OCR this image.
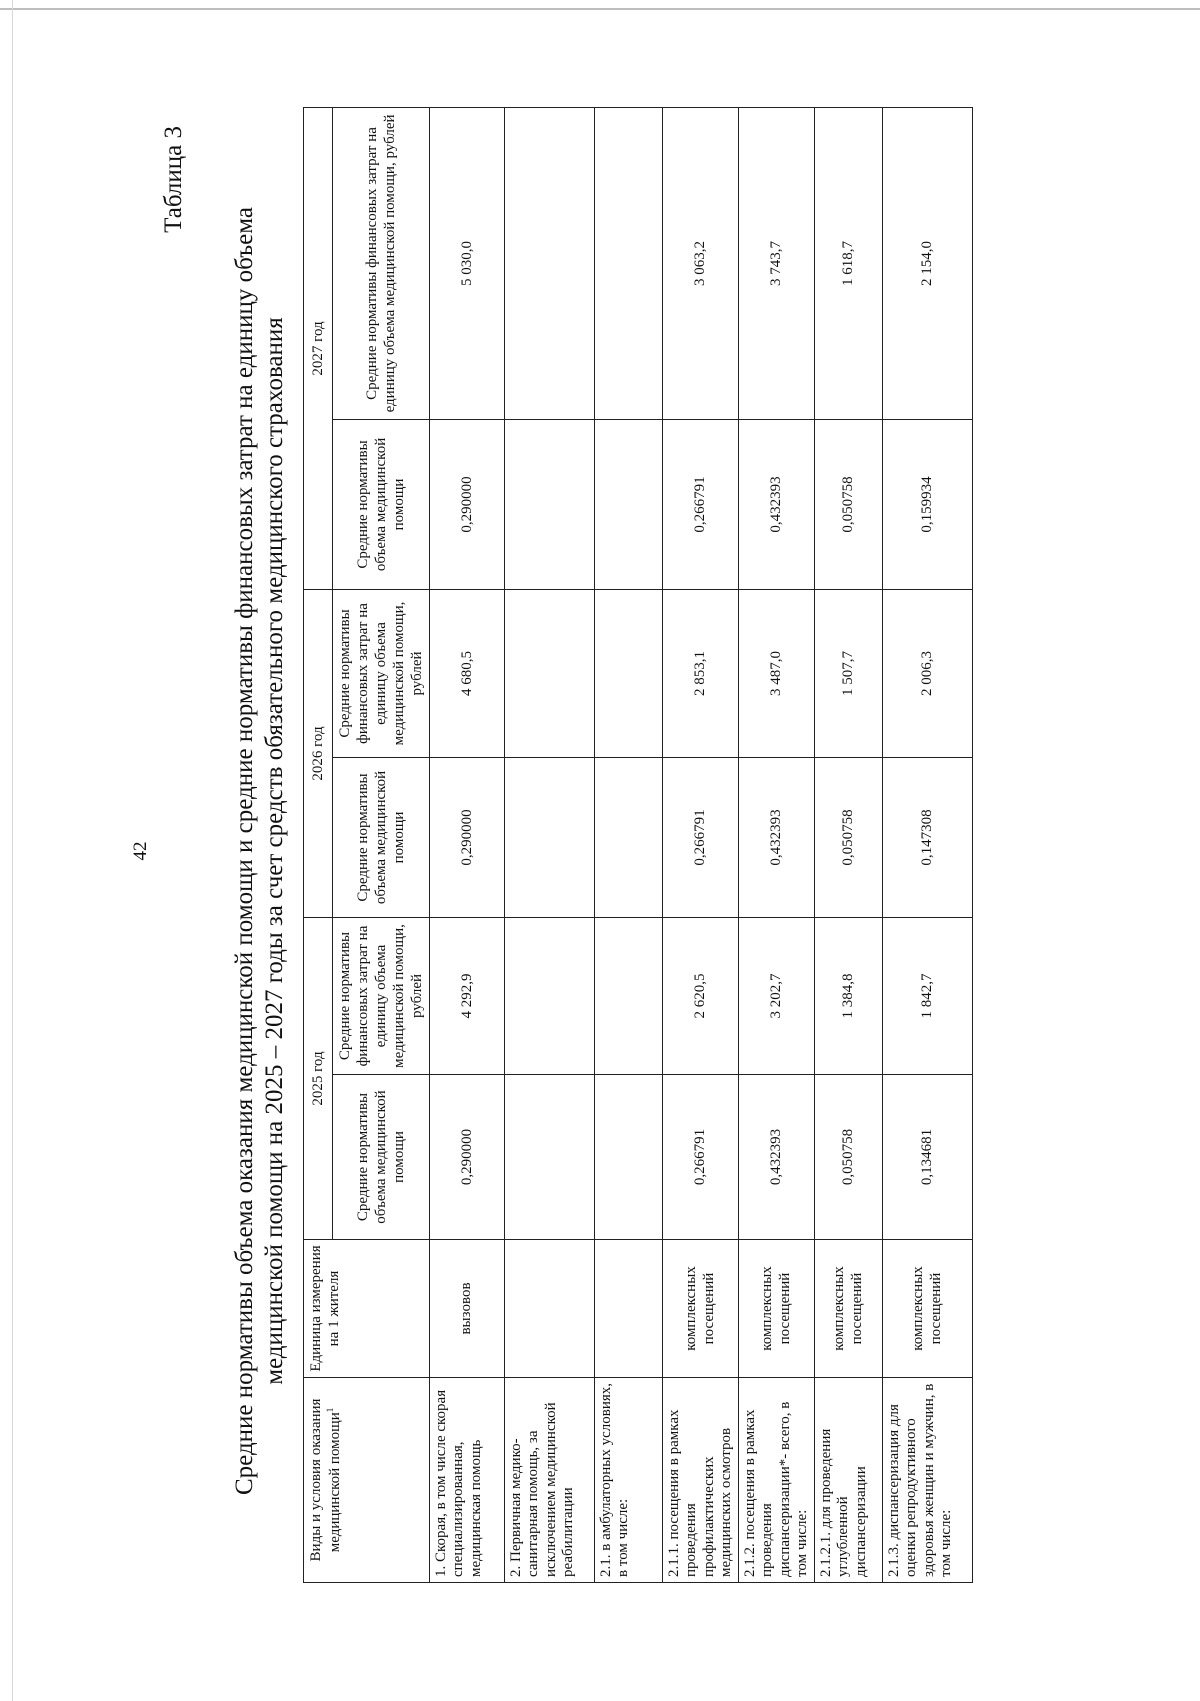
42
Таблица 3
Средние нормативы объема оказания медицинской помощи и средние нормативы финансовых затрат на единицу объема медицинской помощи на 2025 – 2027 годы за счет средств обязательного медицинского страхования
Виды и условия оказания медицинской помощи$^1$	Единица измерения на 1 жителя	2025 год		2026 год		2027 год	
		Средние нормативы объема медицинской помощи	Средние нормативы финансовых затрат на единицу объема медицинской помощи, рублей	Средние нормативы объема медицинской помощи	Средние нормативы финансовых затрат на единицу объема медицинской помощи, рублей	Средние нормативы объема медицинской помощи	Средние нормативы финансовых затрат на единицу объема медицинской помощи, рублей
1. Скорая, в том числе скорая специализированная, медицинская помощь	вызовов	0,290000	4 292,9	0,290000	4 680,5	0,290000	5 030,0
2. Первичная медико-санитарная помощь, за исключением медицинской реабилитации							
2.1. в амбулаторных условиях, в том числе:							
2.1.1. посещения в рамках проведения профилактических медицинских осмотров	комплексных посещений	0,266791	2 620,5	0,266791	2 853,1	0,266791	3 063,2
2.1.2. посещения в рамках проведения диспансеризации*- всего, в том числе:	комплексных посещений	0,432393	3 202,7	0,432393	3 487,0	0,432393	3 743,7
2.1.2.1. для проведения углубленной диспансеризации	комплексных посещений	0,050758	1 384,8	0,050758	1 507,7	0,050758	1 618,7
2.1.3. диспансеризация для оценки репродуктивного здоровья женщин и мужчин, в том числе:	комплексных посещений	0,134681	1 842,7	0,147308	2 006,3	0,159934	2 154,0
